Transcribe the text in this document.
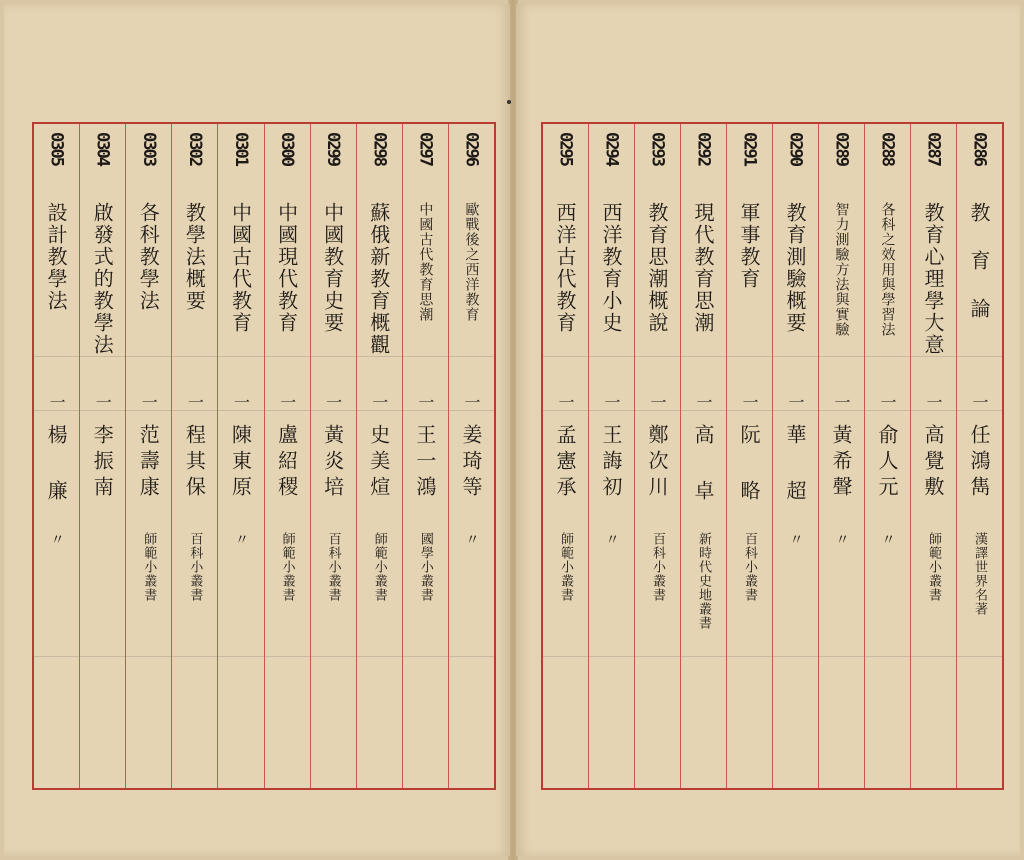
0286
教 育 論
一
任鴻雋
漢譯世界名著
0287
教育心理學大意
一
高覺敷
師範小叢書
0288
各科之效用與學習法
一
俞人元
〃
0289
智力測驗方法與實驗
一
黃希聲
〃
0290
教育測驗概要
一
華 超
〃
0291
軍事教育
一
阮 略
百科小叢書
0292
現代教育思潮
一
高 卓
新時代史地叢書
0293
教育思潮概說
一
鄭次川
百科小叢書
0294
西洋教育小史
一
王誨初
〃
0295
西洋古代教育
一
孟憲承
師範小叢書
0296
歐戰後之西洋教育
一
姜琦等
〃
0297
中國古代教育思潮
一
王一鴻
國學小叢書
0298
蘇俄新教育概觀
一
史美煊
師範小叢書
0299
中國教育史要
一
黃炎培
百科小叢書
0300
中國現代教育
一
盧紹稷
師範小叢書
0301
中國古代教育
一
陳東原
〃
0302
教學法概要
一
程其保
百科小叢書
0303
各科教學法
一
范壽康
師範小叢書
0304
啟發式的教學法
一
李振南
0305
設計教學法
一
楊 廉
〃
